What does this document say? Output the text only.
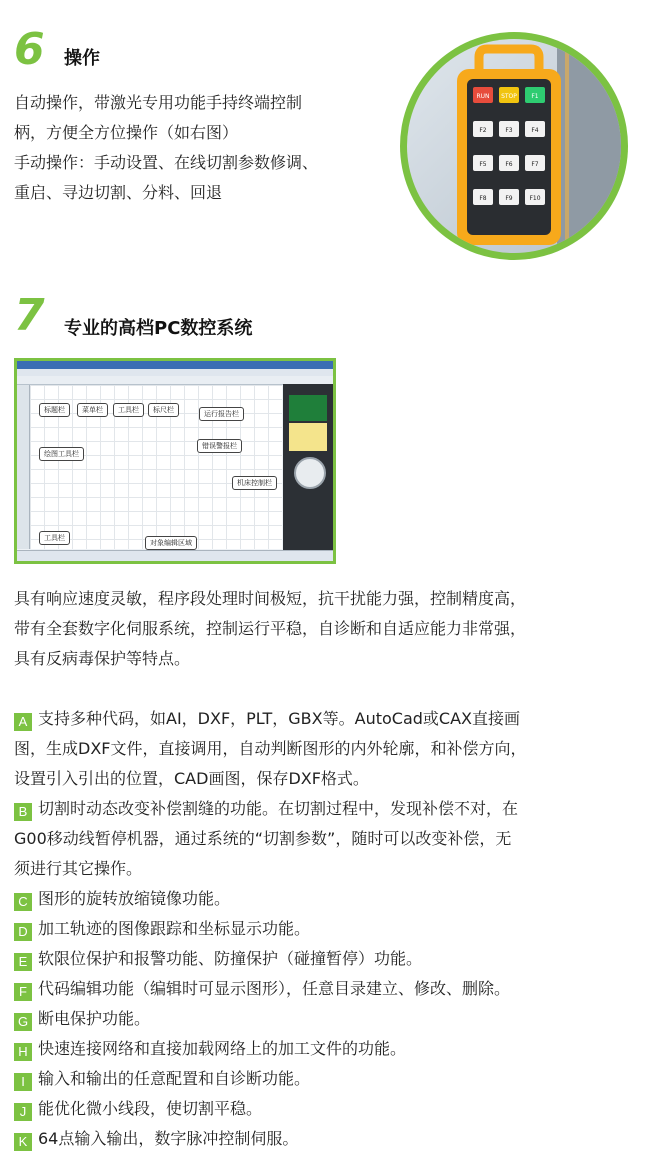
6 操作
自动操作，带激光专用功能手持终端控制
柄，方便全方位操作（如右图）
手动操作：手动设置、在线切割参数修调、
重启、寻边切割、分料、回退
RUN STOP F1
F2	F3	F4
F5	F6	F7
F8	F9	F10
7 专业的高档PC数控系统
标题栏	菜单栏	工具栏	标尺栏	运行报告栏
错误警报栏
绘图工具栏
机床控制栏
工具栏
对象编辑区域
具有响应速度灵敏，程序段处理时间极短，抗干扰能力强，控制精度高，
带有全套数字化伺服系统，控制运行平稳，自诊断和自适应能力非常强，
具有反病毒保护等特点。
A 支持多种代码，如AI，DXF，PLT，GBX等。AutoCad或CAX直接画
图，生成DXF文件，直接调用，自动判断图形的内外轮廓，和补偿方向，
设置引入引出的位置，CAD画图，保存DXF格式。
B 切割时动态改变补偿割缝的功能。在切割过程中，发现补偿不对，在
G00移动线暂停机器，通过系统的“切割参数”，随时可以改变补偿，无
须进行其它操作。
C 图形的旋转放缩镜像功能。
D 加工轨迹的图像跟踪和坐标显示功能。
E 软限位保护和报警功能、防撞保护（碰撞暂停）功能。
F 代码编辑功能（编辑时可显示图形），任意目录建立、修改、删除。
G 断电保护功能。
H 快速连接网络和直接加载网络上的加工文件的功能。
I 输入和输出的任意配置和自诊断功能。
J 能优化微小线段，使切割平稳。
K 64点输入输出，数字脉冲控制伺服。
